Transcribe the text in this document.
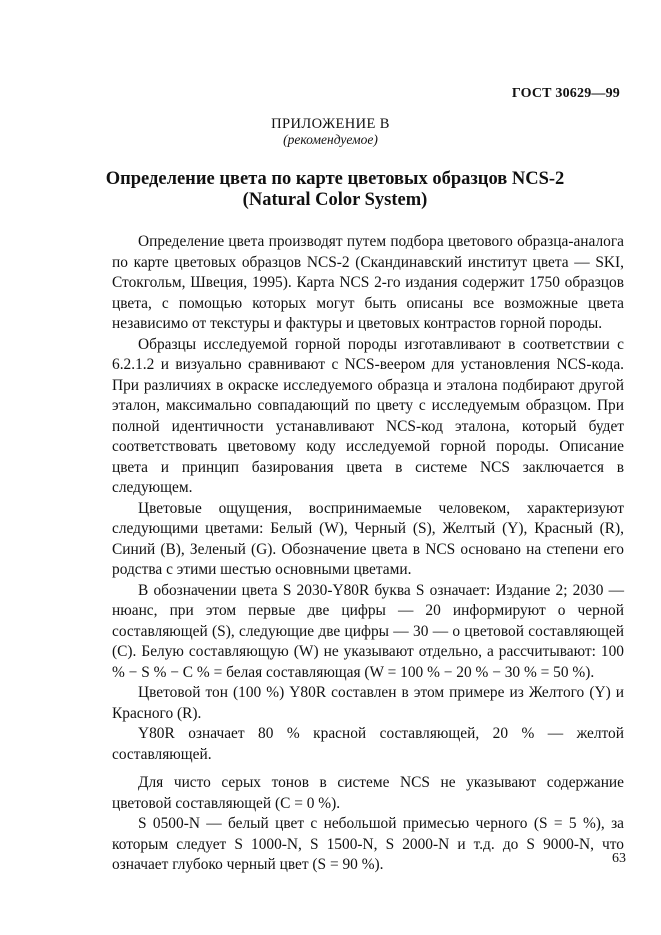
ГОСТ 30629—99
ПРИЛОЖЕНИЕ В
(рекомендуемое)
Определение цвета по карте цветовых образцов NCS-2
(Natural Color System)

Определение цвета производят путем подбора цветового образца-аналога по карте цветовых образцов NCS-2 (Скандинавский институт цвета — SKI, Стокгольм, Швеция, 1995). Карта NCS 2-го издания содержит 1750 образцов цвета, с помощью которых могут быть описаны все возможные цвета независимо от текстуры и фактуры и цветовых контрастов горной породы.

Образцы исследуемой горной породы изготавливают в соответствии с 6.2.1.2 и визуально сравнивают с NCS-веером для установления NCS-кода. При различиях в окраске исследуемого образца и эталона подбирают другой эталон, максимально совпадающий по цвету с исследуемым образцом. При полной идентичности устанавливают NCS-код эталона, который будет соответствовать цветовому коду исследуемой горной породы. Описание цвета и принцип базирования цвета в системе NCS заключается в следующем.

Цветовые ощущения, воспринимаемые человеком, характеризуют следующими цветами: Белый (W), Черный (S), Желтый (Y), Красный (R), Синий (B), Зеленый (G). Обозначение цвета в NCS основано на степени его родства с этими шестью основными цветами.

В обозначении цвета S 2030-Y80R буква S означает: Издание 2; 2030 — нюанс, при этом первые две цифры — 20 информируют о черной составляющей (S), следующие две цифры — 30 — о цветовой составляющей (С). Белую составляющую (W) не указывают отдельно, а рассчитывают: 100 % − S % − C % = белая составляющая (W = 100 % − 20 % − 30 % = 50 %).

Цветовой тон (100 %) Y80R составлен в этом примере из Желтого (Y) и Красного (R).

Y80R означает 80 % красной составляющей, 20 % — желтой составляющей.

Для чисто серых тонов в системе NCS не указывают содержание цветовой составляющей (С = 0 %).

S 0500-N — белый цвет с небольшой примесью черного (S = 5 %), за которым следует S 1000-N, S 1500-N, S 2000-N и т.д. до S 9000-N, что означает глубоко черный цвет (S = 90 %).	63
